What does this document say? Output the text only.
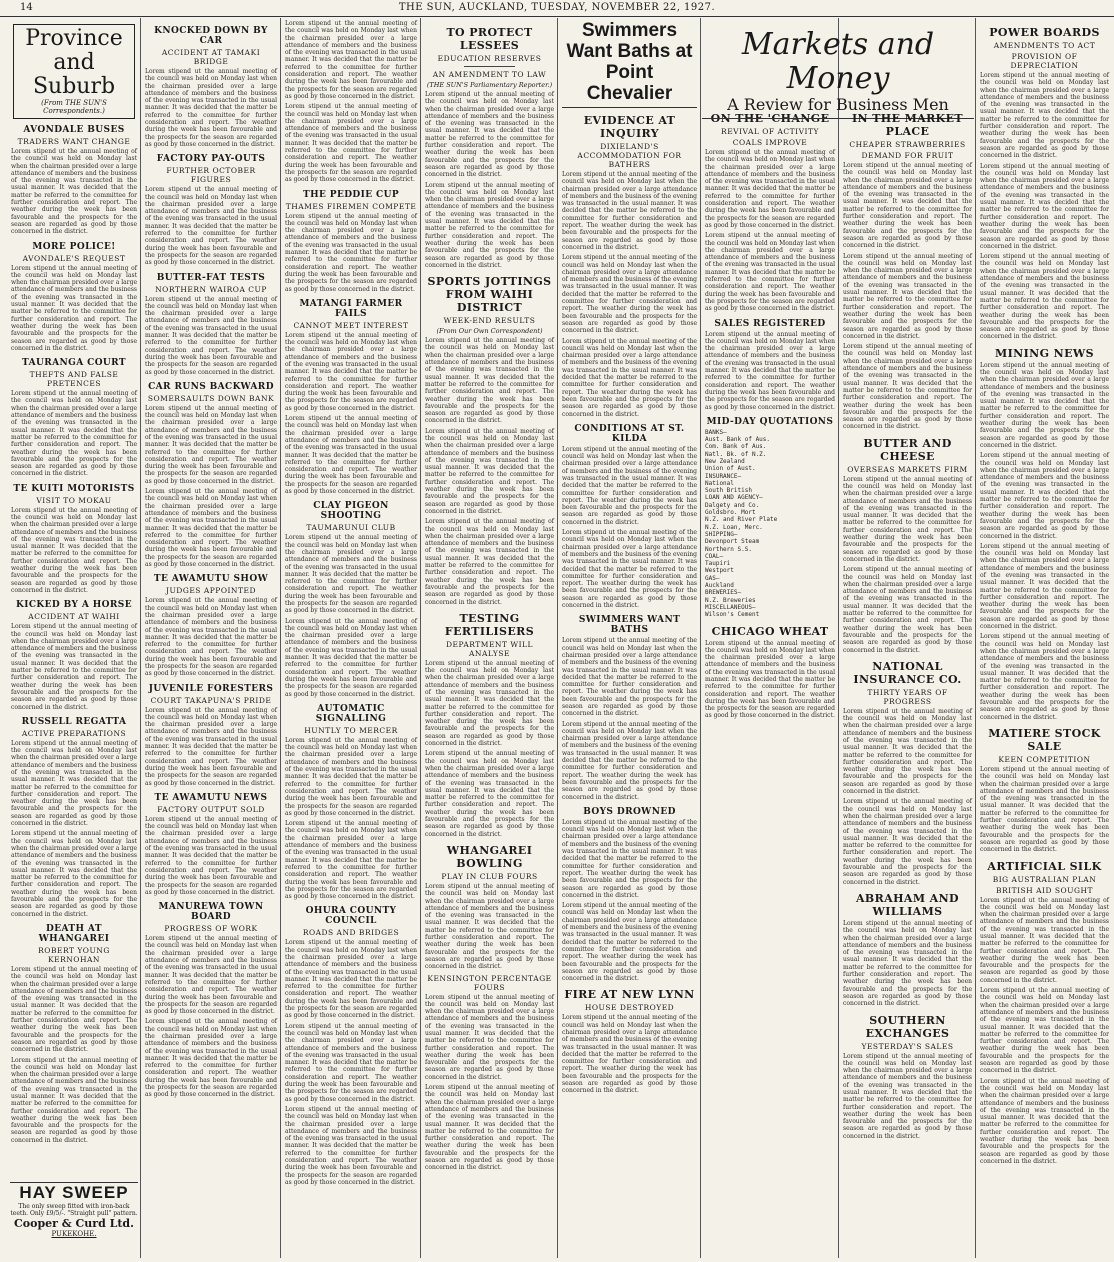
14	THE SUN, AUCKLAND, TUESDAY, NOVEMBER 22, 1927.
Province and Suburb
(From THE SUN'S Correspondents.)
AVONDALE BUSES
TRADERS WANT CHANGE

Lorem stipend ut the annual meeting of the council was held on Monday last when the chairman presided over a large attendance of members and the business of the evening was transacted in the usual manner. It was decided that the matter be referred to the committee for further consideration and report. The weather during the week has been favourable and the prospects for the season are regarded as good by those concerned in the district.

MORE POLICE!
AVONDALE'S REQUEST

Lorem stipend ut the annual meeting of the council was held on Monday last when the chairman presided over a large attendance of members and the business of the evening was transacted in the usual manner. It was decided that the matter be referred to the committee for further consideration and report. The weather during the week has been favourable and the prospects for the season are regarded as good by those concerned in the district.

TAURANGA COURT
THEFTS AND FALSE PRETENCES

Lorem stipend ut the annual meeting of the council was held on Monday last when the chairman presided over a large attendance of members and the business of the evening was transacted in the usual manner. It was decided that the matter be referred to the committee for further consideration and report. The weather during the week has been favourable and the prospects for the season are regarded as good by those concerned in the district.

TE KUITI MOTORISTS
VISIT TO MOKAU

Lorem stipend ut the annual meeting of the council was held on Monday last when the chairman presided over a large attendance of members and the business of the evening was transacted in the usual manner. It was decided that the matter be referred to the committee for further consideration and report. The weather during the week has been favourable and the prospects for the season are regarded as good by those concerned in the district.

KICKED BY A HORSE
ACCIDENT AT WAIHI

Lorem stipend ut the annual meeting of the council was held on Monday last when the chairman presided over a large attendance of members and the business of the evening was transacted in the usual manner. It was decided that the matter be referred to the committee for further consideration and report. The weather during the week has been favourable and the prospects for the season are regarded as good by those concerned in the district.

RUSSELL REGATTA
ACTIVE PREPARATIONS

Lorem stipend ut the annual meeting of the council was held on Monday last when the chairman presided over a large attendance of members and the business of the evening was transacted in the usual manner. It was decided that the matter be referred to the committee for further consideration and report. The weather during the week has been favourable and the prospects for the season are regarded as good by those concerned in the district.

Lorem stipend ut the annual meeting of the council was held on Monday last when the chairman presided over a large attendance of members and the business of the evening was transacted in the usual manner. It was decided that the matter be referred to the committee for further consideration and report. The weather during the week has been favourable and the prospects for the season are regarded as good by those concerned in the district.

DEATH AT WHANGAREI
ROBERT YOUNG KERNOHAN

Lorem stipend ut the annual meeting of the council was held on Monday last when the chairman presided over a large attendance of members and the business of the evening was transacted in the usual manner. It was decided that the matter be referred to the committee for further consideration and report. The weather during the week has been favourable and the prospects for the season are regarded as good by those concerned in the district.

Lorem stipend ut the annual meeting of the council was held on Monday last when the chairman presided over a large attendance of members and the business of the evening was transacted in the usual manner. It was decided that the matter be referred to the committee for further consideration and report. The weather during the week has been favourable and the prospects for the season are regarded as good by those concerned in the district.

HAY SWEEP
The only sweep fitted with iron-back teeth. Only £9/5/-. "Straight pull" pattern.
Cooper & Curd Ltd.
PUKEKOHE.
KNOCKED DOWN BY CAR
ACCIDENT AT TAMAKI BRIDGE

Lorem stipend ut the annual meeting of the council was held on Monday last when the chairman presided over a large attendance of members and the business of the evening was transacted in the usual manner. It was decided that the matter be referred to the committee for further consideration and report. The weather during the week has been favourable and the prospects for the season are regarded as good by those concerned in the district.

FACTORY PAY-OUTS
FURTHER OCTOBER FIGURES

Lorem stipend ut the annual meeting of the council was held on Monday last when the chairman presided over a large attendance of members and the business of the evening was transacted in the usual manner. It was decided that the matter be referred to the committee for further consideration and report. The weather during the week has been favourable and the prospects for the season are regarded as good by those concerned in the district.

BUTTER-FAT TESTS
NORTHERN WAIROA CUP

Lorem stipend ut the annual meeting of the council was held on Monday last when the chairman presided over a large attendance of members and the business of the evening was transacted in the usual manner. It was decided that the matter be referred to the committee for further consideration and report. The weather during the week has been favourable and the prospects for the season are regarded as good by those concerned in the district.

CAR RUNS BACKWARD
SOMERSAULTS DOWN BANK

Lorem stipend ut the annual meeting of the council was held on Monday last when the chairman presided over a large attendance of members and the business of the evening was transacted in the usual manner. It was decided that the matter be referred to the committee for further consideration and report. The weather during the week has been favourable and the prospects for the season are regarded as good by those concerned in the district.

Lorem stipend ut the annual meeting of the council was held on Monday last when the chairman presided over a large attendance of members and the business of the evening was transacted in the usual manner. It was decided that the matter be referred to the committee for further consideration and report. The weather during the week has been favourable and the prospects for the season are regarded as good by those concerned in the district.

TE AWAMUTU SHOW
JUDGES APPOINTED

Lorem stipend ut the annual meeting of the council was held on Monday last when the chairman presided over a large attendance of members and the business of the evening was transacted in the usual manner. It was decided that the matter be referred to the committee for further consideration and report. The weather during the week has been favourable and the prospects for the season are regarded as good by those concerned in the district.

JUVENILE FORESTERS
COURT TAKAPUNA'S PRIDE

Lorem stipend ut the annual meeting of the council was held on Monday last when the chairman presided over a large attendance of members and the business of the evening was transacted in the usual manner. It was decided that the matter be referred to the committee for further consideration and report. The weather during the week has been favourable and the prospects for the season are regarded as good by those concerned in the district.

TE AWAMUTU NEWS
FACTORY OUTPUT SOLD

Lorem stipend ut the annual meeting of the council was held on Monday last when the chairman presided over a large attendance of members and the business of the evening was transacted in the usual manner. It was decided that the matter be referred to the committee for further consideration and report. The weather during the week has been favourable and the prospects for the season are regarded as good by those concerned in the district.

MANUREWA TOWN BOARD
PROGRESS OF WORK

Lorem stipend ut the annual meeting of the council was held on Monday last when the chairman presided over a large attendance of members and the business of the evening was transacted in the usual manner. It was decided that the matter be referred to the committee for further consideration and report. The weather during the week has been favourable and the prospects for the season are regarded as good by those concerned in the district.

Lorem stipend ut the annual meeting of the council was held on Monday last when the chairman presided over a large attendance of members and the business of the evening was transacted in the usual manner. It was decided that the matter be referred to the committee for further consideration and report. The weather during the week has been favourable and the prospects for the season are regarded as good by those concerned in the district.

Lorem stipend ut the annual meeting of the council was held on Monday last when the chairman presided over a large attendance of members and the business of the evening was transacted in the usual manner. It was decided that the matter be referred to the committee for further consideration and report. The weather during the week has been favourable and the prospects for the season are regarded as good by those concerned in the district.

Lorem stipend ut the annual meeting of the council was held on Monday last when the chairman presided over a large attendance of members and the business of the evening was transacted in the usual manner. It was decided that the matter be referred to the committee for further consideration and report. The weather during the week has been favourable and the prospects for the season are regarded as good by those concerned in the district.

THE PEDDIE CUP
THAMES FIREMEN COMPETE

Lorem stipend ut the annual meeting of the council was held on Monday last when the chairman presided over a large attendance of members and the business of the evening was transacted in the usual manner. It was decided that the matter be referred to the committee for further consideration and report. The weather during the week has been favourable and the prospects for the season are regarded as good by those concerned in the district.

MATANGI FARMER FAILS
CANNOT MEET INTEREST

Lorem stipend ut the annual meeting of the council was held on Monday last when the chairman presided over a large attendance of members and the business of the evening was transacted in the usual manner. It was decided that the matter be referred to the committee for further consideration and report. The weather during the week has been favourable and the prospects for the season are regarded as good by those concerned in the district.

Lorem stipend ut the annual meeting of the council was held on Monday last when the chairman presided over a large attendance of members and the business of the evening was transacted in the usual manner. It was decided that the matter be referred to the committee for further consideration and report. The weather during the week has been favourable and the prospects for the season are regarded as good by those concerned in the district.

CLAY PIGEON SHOOTING
TAUMARUNUI CLUB

Lorem stipend ut the annual meeting of the council was held on Monday last when the chairman presided over a large attendance of members and the business of the evening was transacted in the usual manner. It was decided that the matter be referred to the committee for further consideration and report. The weather during the week has been favourable and the prospects for the season are regarded as good by those concerned in the district.

Lorem stipend ut the annual meeting of the council was held on Monday last when the chairman presided over a large attendance of members and the business of the evening was transacted in the usual manner. It was decided that the matter be referred to the committee for further consideration and report. The weather during the week has been favourable and the prospects for the season are regarded as good by those concerned in the district.

AUTOMATIC SIGNALLING
HUNTLY TO MERCER

Lorem stipend ut the annual meeting of the council was held on Monday last when the chairman presided over a large attendance of members and the business of the evening was transacted in the usual manner. It was decided that the matter be referred to the committee for further consideration and report. The weather during the week has been favourable and the prospects for the season are regarded as good by those concerned in the district.

Lorem stipend ut the annual meeting of the council was held on Monday last when the chairman presided over a large attendance of members and the business of the evening was transacted in the usual manner. It was decided that the matter be referred to the committee for further consideration and report. The weather during the week has been favourable and the prospects for the season are regarded as good by those concerned in the district.

OHURA COUNTY COUNCIL
ROADS AND BRIDGES

Lorem stipend ut the annual meeting of the council was held on Monday last when the chairman presided over a large attendance of members and the business of the evening was transacted in the usual manner. It was decided that the matter be referred to the committee for further consideration and report. The weather during the week has been favourable and the prospects for the season are regarded as good by those concerned in the district.

Lorem stipend ut the annual meeting of the council was held on Monday last when the chairman presided over a large attendance of members and the business of the evening was transacted in the usual manner. It was decided that the matter be referred to the committee for further consideration and report. The weather during the week has been favourable and the prospects for the season are regarded as good by those concerned in the district.

Lorem stipend ut the annual meeting of the council was held on Monday last when the chairman presided over a large attendance of members and the business of the evening was transacted in the usual manner. It was decided that the matter be referred to the committee for further consideration and report. The weather during the week has been favourable and the prospects for the season are regarded as good by those concerned in the district.

TO PROTECT LESSEES
EDUCATION RESERVES
AN AMENDMENT TO LAW
(THE SUN'S Parliamentary Reporter.)

Lorem stipend ut the annual meeting of the council was held on Monday last when the chairman presided over a large attendance of members and the business of the evening was transacted in the usual manner. It was decided that the matter be referred to the committee for further consideration and report. The weather during the week has been favourable and the prospects for the season are regarded as good by those concerned in the district.

Lorem stipend ut the annual meeting of the council was held on Monday last when the chairman presided over a large attendance of members and the business of the evening was transacted in the usual manner. It was decided that the matter be referred to the committee for further consideration and report. The weather during the week has been favourable and the prospects for the season are regarded as good by those concerned in the district.

SPORTS JOTTINGS FROM WAIHI DISTRICT
WEEK-END RESULTS
(From Our Own Correspondent)

Lorem stipend ut the annual meeting of the council was held on Monday last when the chairman presided over a large attendance of members and the business of the evening was transacted in the usual manner. It was decided that the matter be referred to the committee for further consideration and report. The weather during the week has been favourable and the prospects for the season are regarded as good by those concerned in the district.

Lorem stipend ut the annual meeting of the council was held on Monday last when the chairman presided over a large attendance of members and the business of the evening was transacted in the usual manner. It was decided that the matter be referred to the committee for further consideration and report. The weather during the week has been favourable and the prospects for the season are regarded as good by those concerned in the district.

Lorem stipend ut the annual meeting of the council was held on Monday last when the chairman presided over a large attendance of members and the business of the evening was transacted in the usual manner. It was decided that the matter be referred to the committee for further consideration and report. The weather during the week has been favourable and the prospects for the season are regarded as good by those concerned in the district.

TESTING FERTILISERS
DEPARTMENT WILL ANALYSE

Lorem stipend ut the annual meeting of the council was held on Monday last when the chairman presided over a large attendance of members and the business of the evening was transacted in the usual manner. It was decided that the matter be referred to the committee for further consideration and report. The weather during the week has been favourable and the prospects for the season are regarded as good by those concerned in the district.

Lorem stipend ut the annual meeting of the council was held on Monday last when the chairman presided over a large attendance of members and the business of the evening was transacted in the usual manner. It was decided that the matter be referred to the committee for further consideration and report. The weather during the week has been favourable and the prospects for the season are regarded as good by those concerned in the district.

WHANGAREI BOWLING
PLAY IN CLUB FOURS

Lorem stipend ut the annual meeting of the council was held on Monday last when the chairman presided over a large attendance of members and the business of the evening was transacted in the usual manner. It was decided that the matter be referred to the committee for further consideration and report. The weather during the week has been favourable and the prospects for the season are regarded as good by those concerned in the district.

KENSINGTON PERCENTAGE FOURS

Lorem stipend ut the annual meeting of the council was held on Monday last when the chairman presided over a large attendance of members and the business of the evening was transacted in the usual manner. It was decided that the matter be referred to the committee for further consideration and report. The weather during the week has been favourable and the prospects for the season are regarded as good by those concerned in the district.

Lorem stipend ut the annual meeting of the council was held on Monday last when the chairman presided over a large attendance of members and the business of the evening was transacted in the usual manner. It was decided that the matter be referred to the committee for further consideration and report. The weather during the week has been favourable and the prospects for the season are regarded as good by those concerned in the district.

Swimmers Want Baths at Point Chevalier
EVIDENCE AT INQUIRY
DIXIELAND'S ACCOMMODATION FOR BATHERS

Lorem stipend ut the annual meeting of the council was held on Monday last when the chairman presided over a large attendance of members and the business of the evening was transacted in the usual manner. It was decided that the matter be referred to the committee for further consideration and report. The weather during the week has been favourable and the prospects for the season are regarded as good by those concerned in the district.

Lorem stipend ut the annual meeting of the council was held on Monday last when the chairman presided over a large attendance of members and the business of the evening was transacted in the usual manner. It was decided that the matter be referred to the committee for further consideration and report. The weather during the week has been favourable and the prospects for the season are regarded as good by those concerned in the district.

Lorem stipend ut the annual meeting of the council was held on Monday last when the chairman presided over a large attendance of members and the business of the evening was transacted in the usual manner. It was decided that the matter be referred to the committee for further consideration and report. The weather during the week has been favourable and the prospects for the season are regarded as good by those concerned in the district.

CONDITIONS AT ST. KILDA

Lorem stipend ut the annual meeting of the council was held on Monday last when the chairman presided over a large attendance of members and the business of the evening was transacted in the usual manner. It was decided that the matter be referred to the committee for further consideration and report. The weather during the week has been favourable and the prospects for the season are regarded as good by those concerned in the district.

Lorem stipend ut the annual meeting of the council was held on Monday last when the chairman presided over a large attendance of members and the business of the evening was transacted in the usual manner. It was decided that the matter be referred to the committee for further consideration and report. The weather during the week has been favourable and the prospects for the season are regarded as good by those concerned in the district.

SWIMMERS WANT BATHS

Lorem stipend ut the annual meeting of the council was held on Monday last when the chairman presided over a large attendance of members and the business of the evening was transacted in the usual manner. It was decided that the matter be referred to the committee for further consideration and report. The weather during the week has been favourable and the prospects for the season are regarded as good by those concerned in the district.

Lorem stipend ut the annual meeting of the council was held on Monday last when the chairman presided over a large attendance of members and the business of the evening was transacted in the usual manner. It was decided that the matter be referred to the committee for further consideration and report. The weather during the week has been favourable and the prospects for the season are regarded as good by those concerned in the district.

BOYS DROWNED

Lorem stipend ut the annual meeting of the council was held on Monday last when the chairman presided over a large attendance of members and the business of the evening was transacted in the usual manner. It was decided that the matter be referred to the committee for further consideration and report. The weather during the week has been favourable and the prospects for the season are regarded as good by those concerned in the district.

Lorem stipend ut the annual meeting of the council was held on Monday last when the chairman presided over a large attendance of members and the business of the evening was transacted in the usual manner. It was decided that the matter be referred to the committee for further consideration and report. The weather during the week has been favourable and the prospects for the season are regarded as good by those concerned in the district.

FIRE AT NEW LYNN
HOUSE DESTROYED

Lorem stipend ut the annual meeting of the council was held on Monday last when the chairman presided over a large attendance of members and the business of the evening was transacted in the usual manner. It was decided that the matter be referred to the committee for further consideration and report. The weather during the week has been favourable and the prospects for the season are regarded as good by those concerned in the district.

ON THE 'CHANGE
REVIVAL OF ACTIVITY
COALS IMPROVE

Lorem stipend ut the annual meeting of the council was held on Monday last when the chairman presided over a large attendance of members and the business of the evening was transacted in the usual manner. It was decided that the matter be referred to the committee for further consideration and report. The weather during the week has been favourable and the prospects for the season are regarded as good by those concerned in the district.

Lorem stipend ut the annual meeting of the council was held on Monday last when the chairman presided over a large attendance of members and the business of the evening was transacted in the usual manner. It was decided that the matter be referred to the committee for further consideration and report. The weather during the week has been favourable and the prospects for the season are regarded as good by those concerned in the district.

SALES REGISTERED

Lorem stipend ut the annual meeting of the council was held on Monday last when the chairman presided over a large attendance of members and the business of the evening was transacted in the usual manner. It was decided that the matter be referred to the committee for further consideration and report. The weather during the week has been favourable and the prospects for the season are regarded as good by those concerned in the district.

MID-DAY QUOTATIONS
BANKS—
Aust. Bank of Aus.
Com. Bank of Aus.
Natl. Bk. of N.Z.
New Zealand
Union of Aust.
INSURANCE—
National
South British
LOAN AND AGENCY—
Dalgety and Co.
Goldsbro. Mort
N.Z. and River Plate
N.Z. Loan, Merc.
SHIPPING—
Devonport Steam
Northern S.S.
COAL—
Taupiri
Westport
GAS—
Auckland
BREWERIES—
N.Z. Breweries
MISCELLANEOUS—
Wilson's Cement
CHICAGO WHEAT

Lorem stipend ut the annual meeting of the council was held on Monday last when the chairman presided over a large attendance of members and the business of the evening was transacted in the usual manner. It was decided that the matter be referred to the committee for further consideration and report. The weather during the week has been favourable and the prospects for the season are regarded as good by those concerned in the district.

Markets and Money
A Review for Business Men
IN THE MARKET PLACE
CHEAPER STRAWBERRIES
DEMAND FOR FRUIT

Lorem stipend ut the annual meeting of the council was held on Monday last when the chairman presided over a large attendance of members and the business of the evening was transacted in the usual manner. It was decided that the matter be referred to the committee for further consideration and report. The weather during the week has been favourable and the prospects for the season are regarded as good by those concerned in the district.

Lorem stipend ut the annual meeting of the council was held on Monday last when the chairman presided over a large attendance of members and the business of the evening was transacted in the usual manner. It was decided that the matter be referred to the committee for further consideration and report. The weather during the week has been favourable and the prospects for the season are regarded as good by those concerned in the district.

Lorem stipend ut the annual meeting of the council was held on Monday last when the chairman presided over a large attendance of members and the business of the evening was transacted in the usual manner. It was decided that the matter be referred to the committee for further consideration and report. The weather during the week has been favourable and the prospects for the season are regarded as good by those concerned in the district.

BUTTER AND CHEESE
OVERSEAS MARKETS FIRM

Lorem stipend ut the annual meeting of the council was held on Monday last when the chairman presided over a large attendance of members and the business of the evening was transacted in the usual manner. It was decided that the matter be referred to the committee for further consideration and report. The weather during the week has been favourable and the prospects for the season are regarded as good by those concerned in the district.

Lorem stipend ut the annual meeting of the council was held on Monday last when the chairman presided over a large attendance of members and the business of the evening was transacted in the usual manner. It was decided that the matter be referred to the committee for further consideration and report. The weather during the week has been favourable and the prospects for the season are regarded as good by those concerned in the district.

NATIONAL INSURANCE CO.
THIRTY YEARS OF PROGRESS

Lorem stipend ut the annual meeting of the council was held on Monday last when the chairman presided over a large attendance of members and the business of the evening was transacted in the usual manner. It was decided that the matter be referred to the committee for further consideration and report. The weather during the week has been favourable and the prospects for the season are regarded as good by those concerned in the district.

Lorem stipend ut the annual meeting of the council was held on Monday last when the chairman presided over a large attendance of members and the business of the evening was transacted in the usual manner. It was decided that the matter be referred to the committee for further consideration and report. The weather during the week has been favourable and the prospects for the season are regarded as good by those concerned in the district.

ABRAHAM AND WILLIAMS

Lorem stipend ut the annual meeting of the council was held on Monday last when the chairman presided over a large attendance of members and the business of the evening was transacted in the usual manner. It was decided that the matter be referred to the committee for further consideration and report. The weather during the week has been favourable and the prospects for the season are regarded as good by those concerned in the district.

SOUTHERN EXCHANGES
YESTERDAY'S SALES

Lorem stipend ut the annual meeting of the council was held on Monday last when the chairman presided over a large attendance of members and the business of the evening was transacted in the usual manner. It was decided that the matter be referred to the committee for further consideration and report. The weather during the week has been favourable and the prospects for the season are regarded as good by those concerned in the district.

POWER BOARDS
AMENDMENTS TO ACT
PROVISION OF DEPRECIATION

Lorem stipend ut the annual meeting of the council was held on Monday last when the chairman presided over a large attendance of members and the business of the evening was transacted in the usual manner. It was decided that the matter be referred to the committee for further consideration and report. The weather during the week has been favourable and the prospects for the season are regarded as good by those concerned in the district.

Lorem stipend ut the annual meeting of the council was held on Monday last when the chairman presided over a large attendance of members and the business of the evening was transacted in the usual manner. It was decided that the matter be referred to the committee for further consideration and report. The weather during the week has been favourable and the prospects for the season are regarded as good by those concerned in the district.

Lorem stipend ut the annual meeting of the council was held on Monday last when the chairman presided over a large attendance of members and the business of the evening was transacted in the usual manner. It was decided that the matter be referred to the committee for further consideration and report. The weather during the week has been favourable and the prospects for the season are regarded as good by those concerned in the district.

MINING NEWS

Lorem stipend ut the annual meeting of the council was held on Monday last when the chairman presided over a large attendance of members and the business of the evening was transacted in the usual manner. It was decided that the matter be referred to the committee for further consideration and report. The weather during the week has been favourable and the prospects for the season are regarded as good by those concerned in the district.

Lorem stipend ut the annual meeting of the council was held on Monday last when the chairman presided over a large attendance of members and the business of the evening was transacted in the usual manner. It was decided that the matter be referred to the committee for further consideration and report. The weather during the week has been favourable and the prospects for the season are regarded as good by those concerned in the district.

Lorem stipend ut the annual meeting of the council was held on Monday last when the chairman presided over a large attendance of members and the business of the evening was transacted in the usual manner. It was decided that the matter be referred to the committee for further consideration and report. The weather during the week has been favourable and the prospects for the season are regarded as good by those concerned in the district.

Lorem stipend ut the annual meeting of the council was held on Monday last when the chairman presided over a large attendance of members and the business of the evening was transacted in the usual manner. It was decided that the matter be referred to the committee for further consideration and report. The weather during the week has been favourable and the prospects for the season are regarded as good by those concerned in the district.

MATIERE STOCK SALE
KEEN COMPETITION

Lorem stipend ut the annual meeting of the council was held on Monday last when the chairman presided over a large attendance of members and the business of the evening was transacted in the usual manner. It was decided that the matter be referred to the committee for further consideration and report. The weather during the week has been favourable and the prospects for the season are regarded as good by those concerned in the district.

ARTIFICIAL SILK
BIG AUSTRALIAN PLAN
BRITISH AID SOUGHT

Lorem stipend ut the annual meeting of the council was held on Monday last when the chairman presided over a large attendance of members and the business of the evening was transacted in the usual manner. It was decided that the matter be referred to the committee for further consideration and report. The weather during the week has been favourable and the prospects for the season are regarded as good by those concerned in the district.

Lorem stipend ut the annual meeting of the council was held on Monday last when the chairman presided over a large attendance of members and the business of the evening was transacted in the usual manner. It was decided that the matter be referred to the committee for further consideration and report. The weather during the week has been favourable and the prospects for the season are regarded as good by those concerned in the district.

Lorem stipend ut the annual meeting of the council was held on Monday last when the chairman presided over a large attendance of members and the business of the evening was transacted in the usual manner. It was decided that the matter be referred to the committee for further consideration and report. The weather during the week has been favourable and the prospects for the season are regarded as good by those concerned in the district.
